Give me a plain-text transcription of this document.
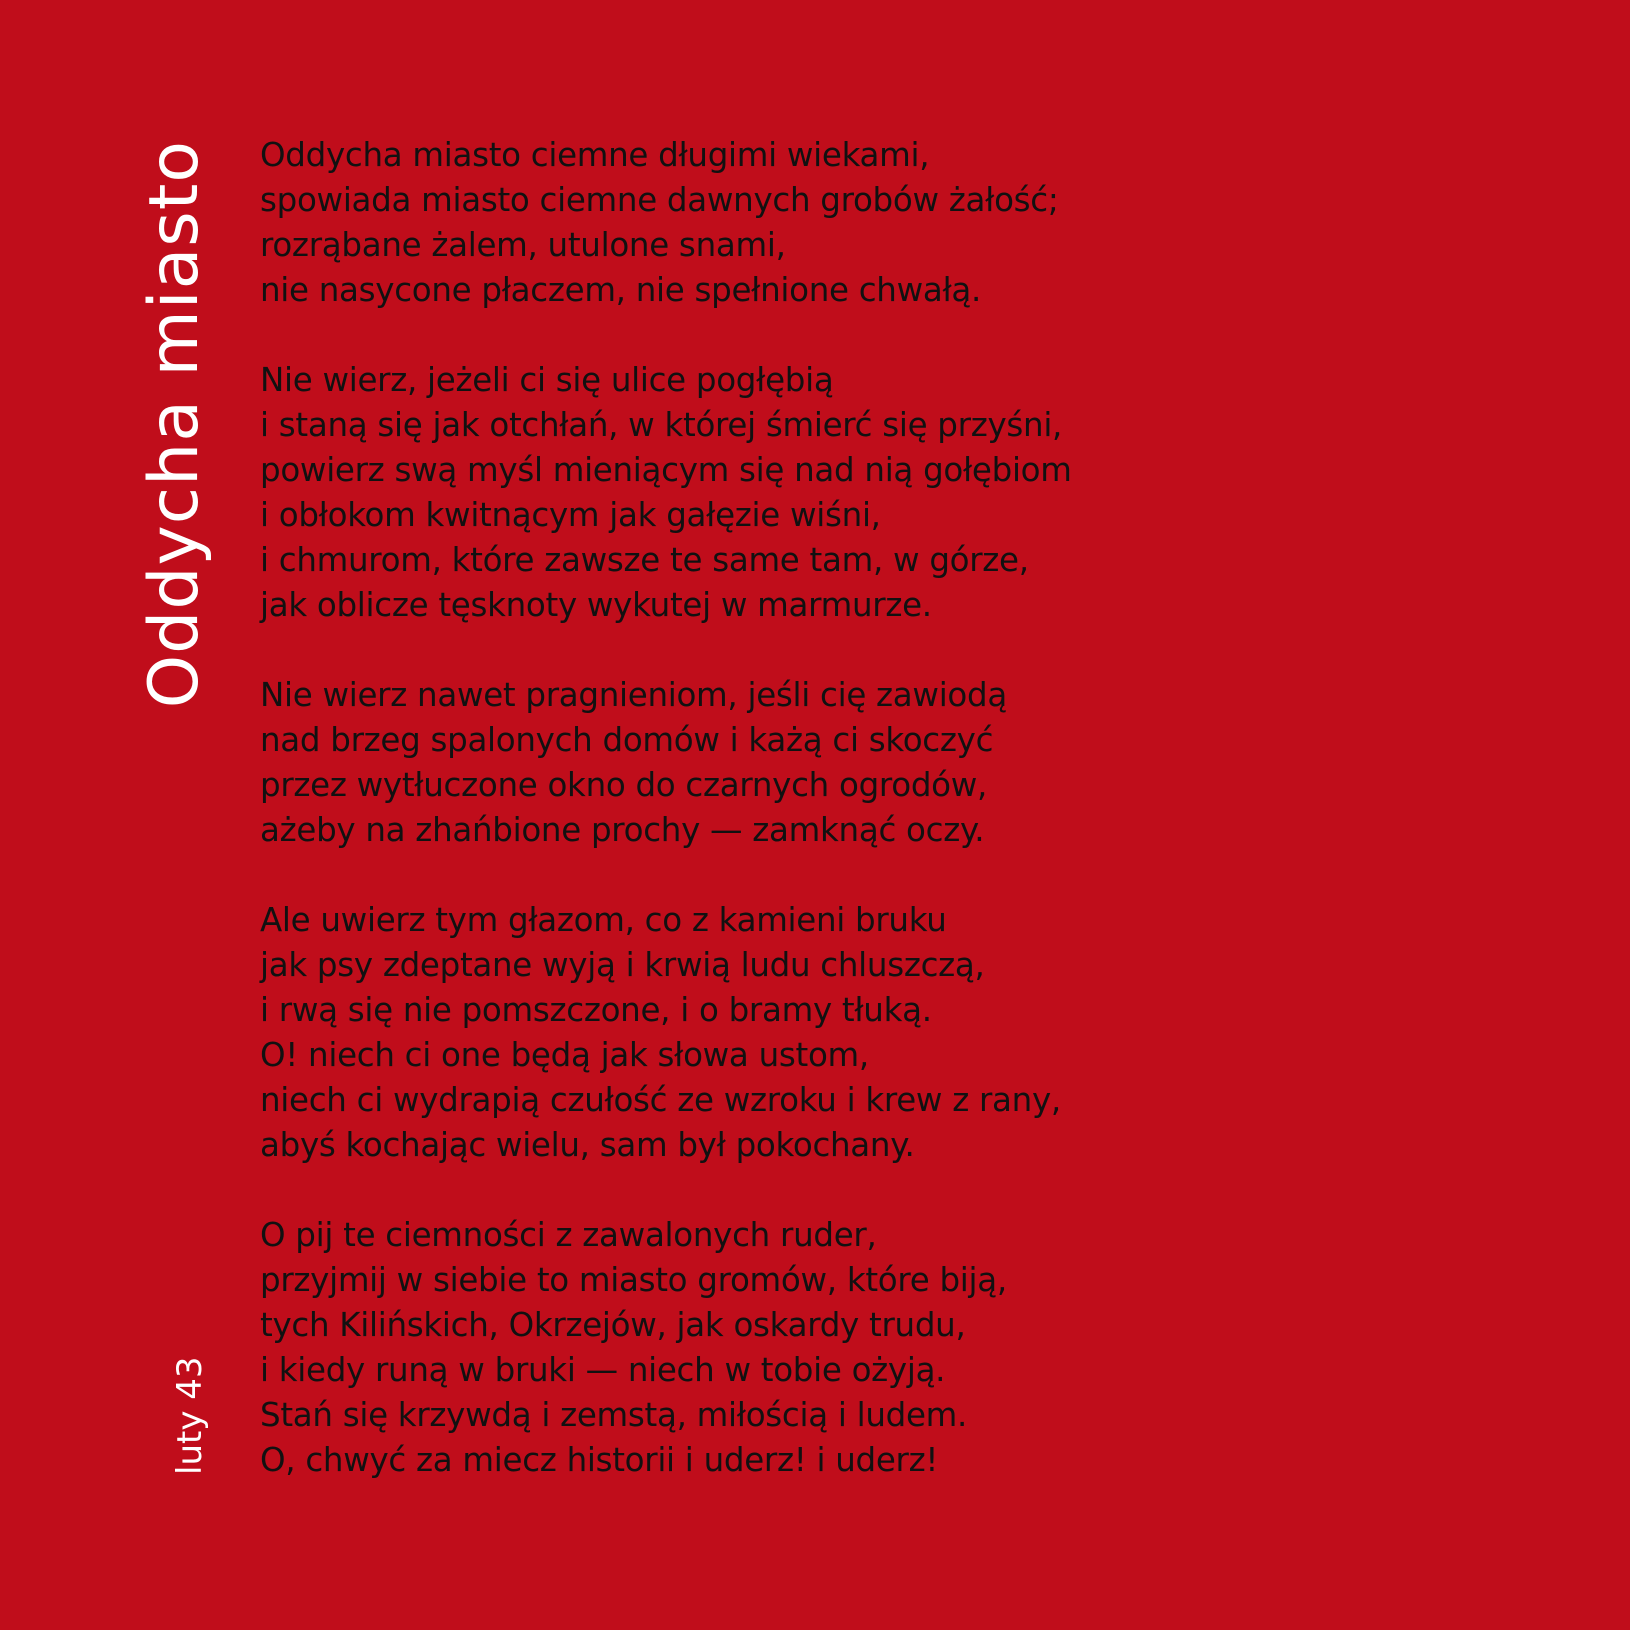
Oddycha miasto
luty 43
Oddycha miasto ciemne długimi wiekami,
spowiada miasto ciemne dawnych grobów żałość;
rozrąbane żalem, utulone snami,
nie nasycone płaczem, nie spełnione chwałą.
Nie wierz, jeżeli ci się ulice pogłębią
i staną się jak otchłań, w której śmierć się przyśni,
powierz swą myśl mieniącym się nad nią gołębiom
i obłokom kwitnącym jak gałęzie wiśni,
i chmurom, które zawsze te same tam, w górze,
jak oblicze tęsknoty wykutej w marmurze.
Nie wierz nawet pragnieniom, jeśli cię zawiodą
nad brzeg spalonych domów i każą ci skoczyć
przez wytłuczone okno do czarnych ogrodów,
ażeby na zhańbione prochy — zamknąć oczy.
Ale uwierz tym głazom, co z kamieni bruku
jak psy zdeptane wyją i krwią ludu chluszczą,
i rwą się nie pomszczone, i o bramy tłuką.
O! niech ci one będą jak słowa ustom,
niech ci wydrapią czułość ze wzroku i krew z rany,
abyś kochając wielu, sam był pokochany.
O pij te ciemności z zawalonych ruder,
przyjmij w siebie to miasto gromów, które biją,
tych Kilińskich, Okrzejów, jak oskardy trudu,
i kiedy runą w bruki — niech w tobie ożyją.
Stań się krzywdą i zemstą, miłością i ludem.
O, chwyć za miecz historii i uderz! i uderz!
